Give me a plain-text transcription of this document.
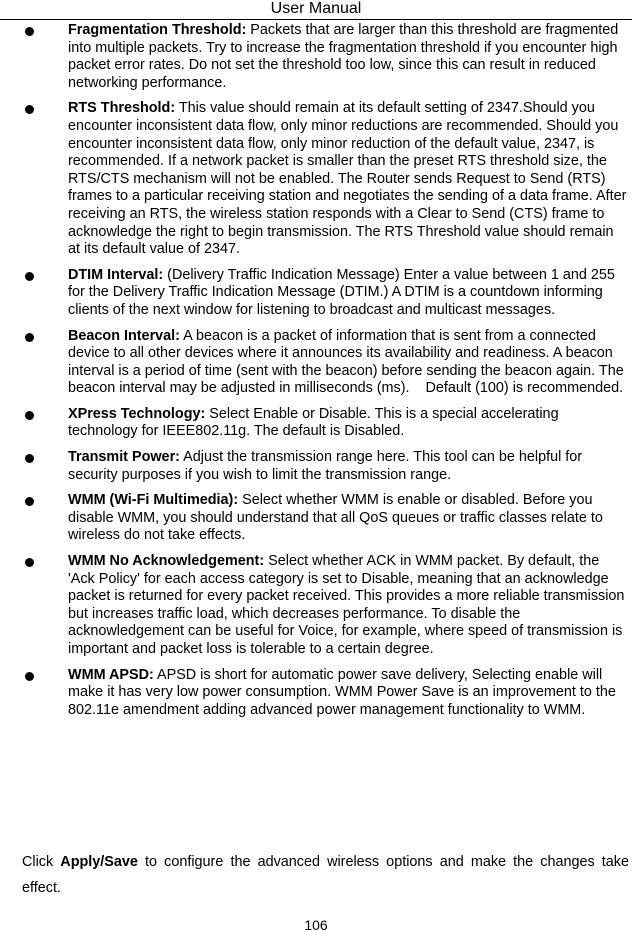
User Manual
Fragmentation Threshold: Packets that are larger than this threshold are fragmented into multiple packets. Try to increase the fragmentation threshold if you encounter high packet error rates. Do not set the threshold too low, since this can result in reduced networking performance.
RTS Threshold: This value should remain at its default setting of 2347.Should you encounter inconsistent data flow, only minor reductions are recommended. Should you encounter inconsistent data flow, only minor reduction of the default value, 2347, is recommended. If a network packet is smaller than the preset RTS threshold size, the RTS/CTS mechanism will not be enabled. The Router sends Request to Send (RTS) frames to a particular receiving station and negotiates the sending of a data frame. After receiving an RTS, the wireless station responds with a Clear to Send (CTS) frame to acknowledge the right to begin transmission. The RTS Threshold value should remain at its default value of 2347.
DTIM Interval: (Delivery Traffic Indication Message) Enter a value between 1 and 255 for the Delivery Traffic Indication Message (DTIM.) A DTIM is a countdown informing clients of the next window for listening to broadcast and multicast messages.
Beacon Interval: A beacon is a packet of information that is sent from a connected device to all other devices where it announces its availability and readiness. A beacon interval is a period of time (sent with the beacon) before sending the beacon again. The beacon interval may be adjusted in milliseconds (ms).    Default (100) is recommended.
XPress Technology: Select Enable or Disable. This is a special accelerating    technology for IEEE802.11g. The default is Disabled.
Transmit Power: Adjust the transmission range here. This tool can be helpful for security purposes if you wish to limit the transmission range.
WMM (Wi-Fi Multimedia): Select whether WMM is enable or disabled. Before you disable WMM, you should understand that all QoS queues or traffic classes relate to wireless do not take effects.
WMM No Acknowledgement: Select whether ACK in WMM packet. By default, the 'Ack Policy' for each access category is set to Disable, meaning that an acknowledge packet is returned for every packet received. This provides a more reliable transmission but increases traffic load, which decreases performance. To disable the acknowledgement can be useful for Voice, for example, where speed of transmission is important and packet loss is tolerable to a certain degree.
WMM APSD: APSD is short for automatic power save delivery, Selecting enable will make it has very low power consumption. WMM Power Save is an improvement to the 802.11e amendment adding advanced power management functionality to WMM.

Click Apply/Save to configure the advanced wireless options and make the changes take effect.

106
